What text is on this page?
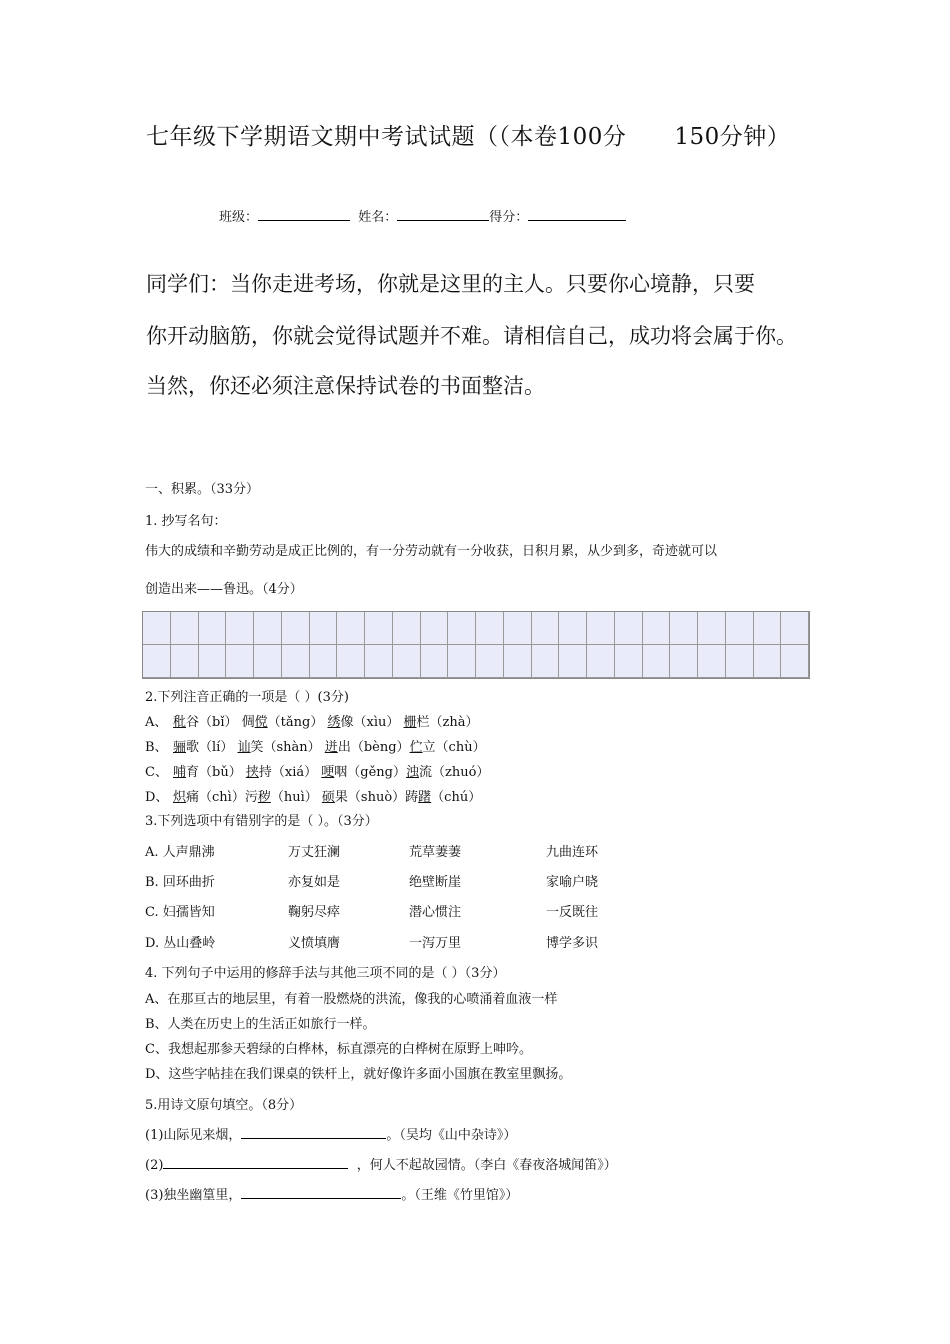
七年级下学期语文期中考试试题（（本卷100分 150分钟）
班级：	姓名：	得分：
同学们：当你走进考场，你就是这里的主人。只要你心境静，只要
你开动脑筋，你就会觉得试题并不难。请相信自己，成功将会属于你。
当然，你还必须注意保持试卷的书面整洁。
一、积累。（33分）
1. 抄写名句：
伟大的成绩和辛勤劳动是成正比例的，有一分劳动就有一分收获，日积月累，从少到多，奇迹就可以
创造出来——鲁迅。（4分）
2.下列注音正确的一项是（ ）(3分)
A、 秕谷（bǐ） 倜傥（tǎng） 绣像（xìu） 栅栏（zhà）
B、 骊歌（lí） 讪笑（shàn） 迸出（bèng）伫立（chù）
C、 哺育（bǔ） 挟持（xiá） 哽咽（gěng）浊流（zhuó）
D、 炽痛（chì）污秽（huì） 硕果（shuò）踌躇（chú）
3.下列选项中有错别字的是（ ）。（3分）
A. 人声鼎沸	万丈狂澜	荒草萋萋	九曲连环
B. 回环曲折	亦复如是	绝壁断崖	家喻户晓
C. 妇孺皆知	鞠躬尽瘁	潜心惯注	一反既往
D. 丛山叠岭	义愤填膺	一泻万里	博学多识
4. 下列句子中运用的修辞手法与其他三项不同的是（ ）（3分）
A、在那亘古的地层里，有着一股燃烧的洪流，像我的心喷涌着血液一样
B、人类在历史上的生活正如旅行一样。
C、我想起那参天碧绿的白桦林，标直漂亮的白桦树在原野上呻吟。
D、这些字帖挂在我们课桌的铁杆上，就好像许多面小国旗在教室里飘扬。
5.用诗文原句填空。（8分）
(1)山际见来烟，	。（吴均《山中杂诗》）
(2)	，何人不起故园情。（李白《春夜洛城闻笛》）
(3)独坐幽篁里，	。（王维《竹里馆》）
